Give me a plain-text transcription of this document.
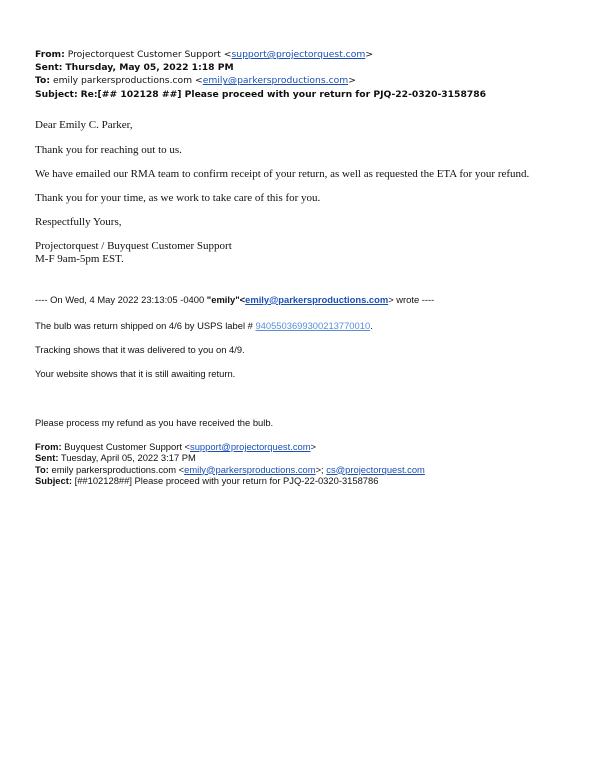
From: Projectorquest Customer Support <support@projectorquest.com>
Sent: Thursday, May 05, 2022 1:18 PM
To: emily parkersproductions.com <emily@parkersproductions.com>
Subject: Re:[## 102128 ##] Please proceed with your return for PJQ-22-0320-3158786

Dear Emily C. Parker,

Thank you for reaching out to us.

We have emailed our RMA team to confirm receipt of your return, as well as requested the ETA for your refund.

Thank you for your time, as we work to take care of this for you.

Respectfully Yours,

Projectorquest / Buyquest Customer Support

M-F 9am-5pm EST.

---- On Wed, 4 May 2022 23:13:05 -0400 "emily"<emily@parkersproductions.com> wrote ----

The bulb was return shipped on 4/6 by USPS label # 9405503699300213770010.

Tracking shows that it was delivered to you on 4/9.

Your website shows that it is still awaiting return.

Please process my refund as you have received the bulb.

From: Buyquest Customer Support <support@projectorquest.com>
Sent: Tuesday, April 05, 2022 3:17 PM
To: emily parkersproductions.com <emily@parkersproductions.com>; cs@projectorquest.com
Subject: [##102128##] Please proceed with your return for PJQ-22-0320-3158786
